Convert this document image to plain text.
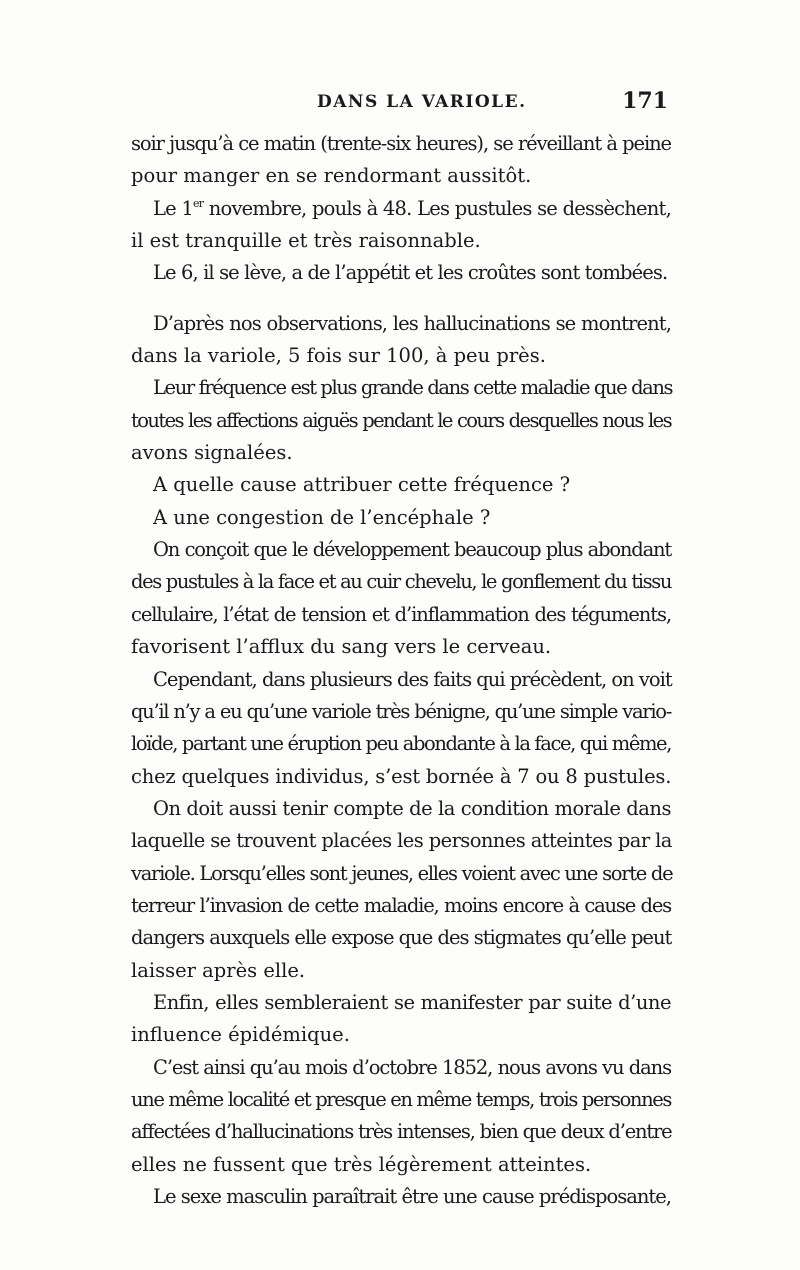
DANS LA VARIOLE.	171
soir jusqu’à ce matin (trente-six heures), se réveillant à peine
pour manger en se rendormant aussitôt.
Le 1er novembre, pouls à 48. Les pustules se dessèchent,
il est tranquille et très raisonnable.
Le 6, il se lève, a de l’appétit et les croûtes sont tombées.
D’après nos observations, les hallucinations se montrent,
dans la variole, 5 fois sur 100, à peu près.
Leur fréquence est plus grande dans cette maladie que dans
toutes les affections aiguës pendant le cours desquelles nous les
avons signalées.
A quelle cause attribuer cette fréquence ?
A une congestion de l’encéphale ?
On conçoit que le développement beaucoup plus abondant
des pustules à la face et au cuir chevelu, le gonflement du tissu
cellulaire, l’état de tension et d’inflammation des téguments,
favorisent l’afflux du sang vers le cerveau.
Cependant, dans plusieurs des faits qui précèdent, on voit
qu’il n’y a eu qu’une variole très bénigne, qu’une simple vario-
loïde, partant une éruption peu abondante à la face, qui même,
chez quelques individus, s’est bornée à 7 ou 8 pustules.
On doit aussi tenir compte de la condition morale dans
laquelle se trouvent placées les personnes atteintes par la
variole. Lorsqu’elles sont jeunes, elles voient avec une sorte de
terreur l’invasion de cette maladie, moins encore à cause des
dangers auxquels elle expose que des stigmates qu’elle peut
laisser après elle.
Enfin, elles sembleraient se manifester par suite d’une
influence épidémique.
C’est ainsi qu’au mois d’octobre 1852, nous avons vu dans
une même localité et presque en même temps, trois personnes
affectées d’hallucinations très intenses, bien que deux d’entre
elles ne fussent que très légèrement atteintes.
Le sexe masculin paraîtrait être une cause prédisposante,
